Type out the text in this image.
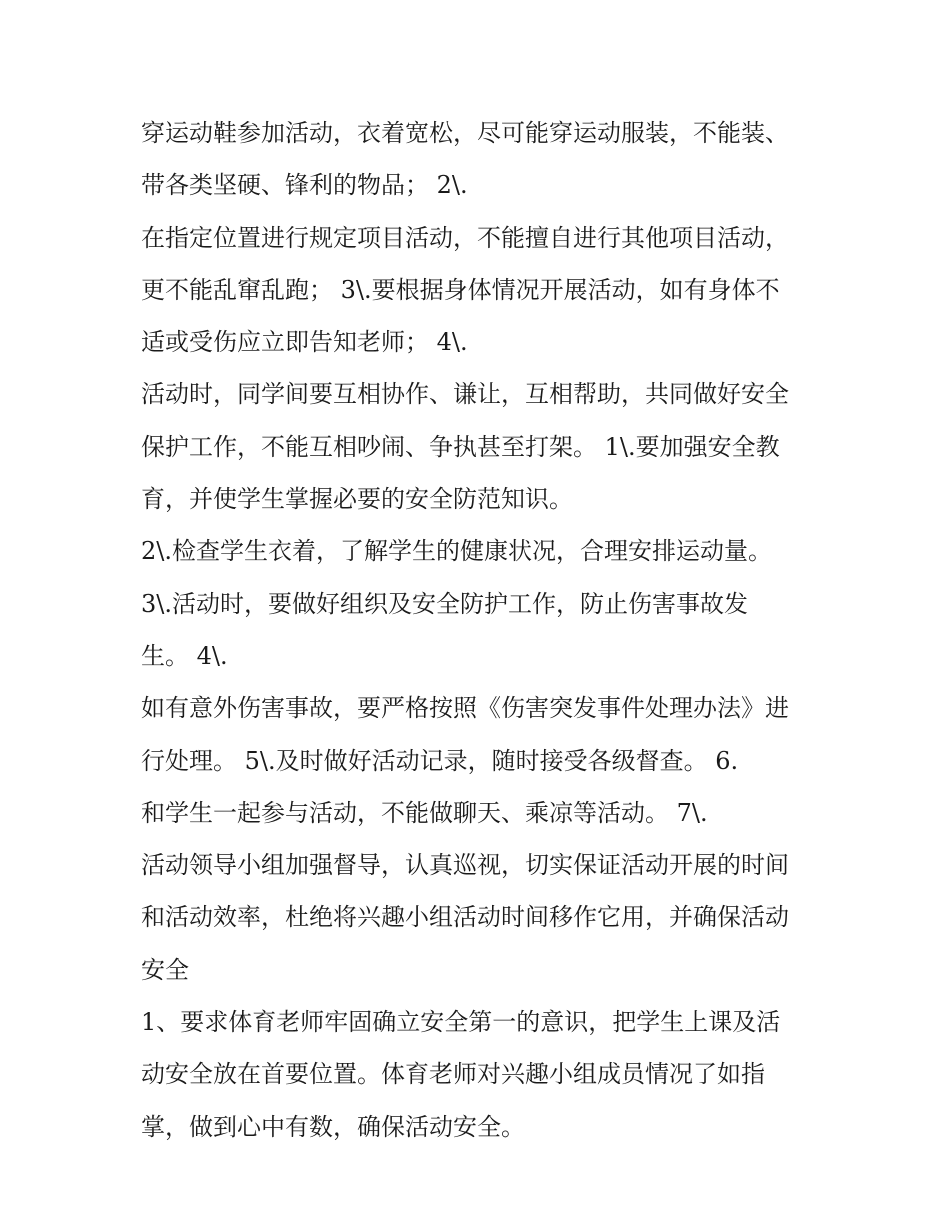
穿运动鞋参加活动，衣着宽松，尽可能穿运动服装，不能装、
带各类坚硬、锋利的物品； 2\.
在指定位置进行规定项目活动，不能擅自进行其他项目活动，
更不能乱窜乱跑； 3\.要根据身体情况开展活动，如有身体不
适或受伤应立即告知老师； 4\.
活动时，同学间要互相协作、谦让，互相帮助，共同做好安全
保护工作，不能互相吵闹、争执甚至打架。 1\.要加强安全教
育，并使学生掌握必要的安全防范知识。
2\.检查学生衣着，了解学生的健康状况，合理安排运动量。
3\.活动时，要做好组织及安全防护工作，防止伤害事故发
生。 4\.
如有意外伤害事故，要严格按照《伤害突发事件处理办法》进
行处理。 5\.及时做好活动记录，随时接受各级督查。 6.
和学生一起参与活动，不能做聊天、乘凉等活动。 7\.
活动领导小组加强督导，认真巡视，切实保证活动开展的时间
和活动效率，杜绝将兴趣小组活动时间移作它用，并确保活动
安全
1、要求体育老师牢固确立安全第一的意识，把学生上课及活
动安全放在首要位置。体育老师对兴趣小组成员情况了如指
掌，做到心中有数，确保活动安全。
